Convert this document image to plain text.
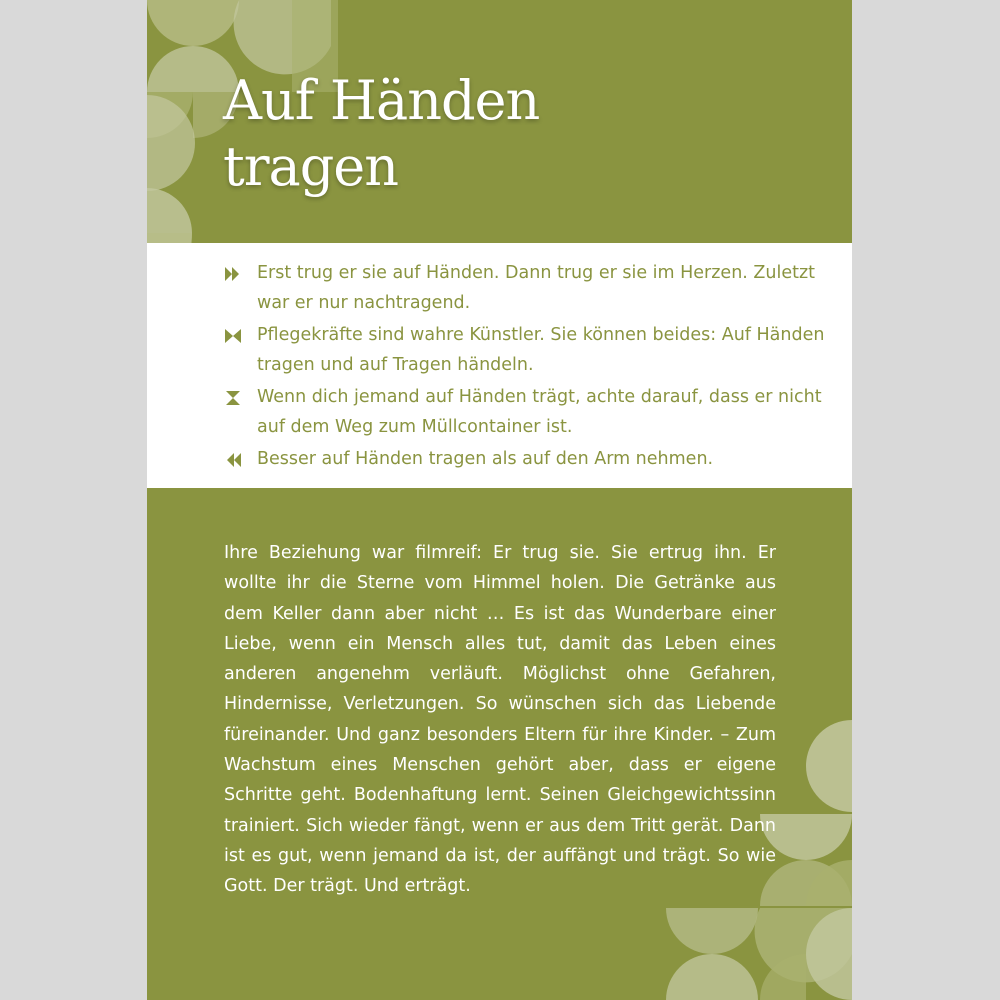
Auf Händen
tragen
Erst trug er sie auf Händen. Dann trug er sie im Herzen. Zuletzt war er nur nachtragend.
Pflegekräfte sind wahre Künstler. Sie können beides: Auf Händen tragen und auf Tragen händeln.
Wenn dich jemand auf Händen trägt, achte darauf, dass er nicht auf dem Weg zum Müllcontainer ist.
Besser auf Händen tragen als auf den Arm nehmen.

Ihre Beziehung war filmreif: Er trug sie. Sie ertrug ihn. Er wollte ihr die Sterne vom Himmel holen. Die Getränke aus dem Keller dann aber nicht … Es ist das Wunderbare einer Liebe, wenn ein Mensch alles tut, damit das Leben eines anderen angenehm verläuft. Möglichst ohne Gefahren, Hindernisse, Verletzungen. So wünschen sich das Liebende füreinander. Und ganz besonders Eltern für ihre Kinder. – Zum Wachstum eines Menschen gehört aber, dass er eigene Schritte geht. Bodenhaftung lernt. Seinen Gleichgewichtssinn trainiert. Sich wieder fängt, wenn er aus dem Tritt gerät. Dann ist es gut, wenn jemand da ist, der auffängt und trägt. So wie Gott. Der trägt. Und erträgt.
